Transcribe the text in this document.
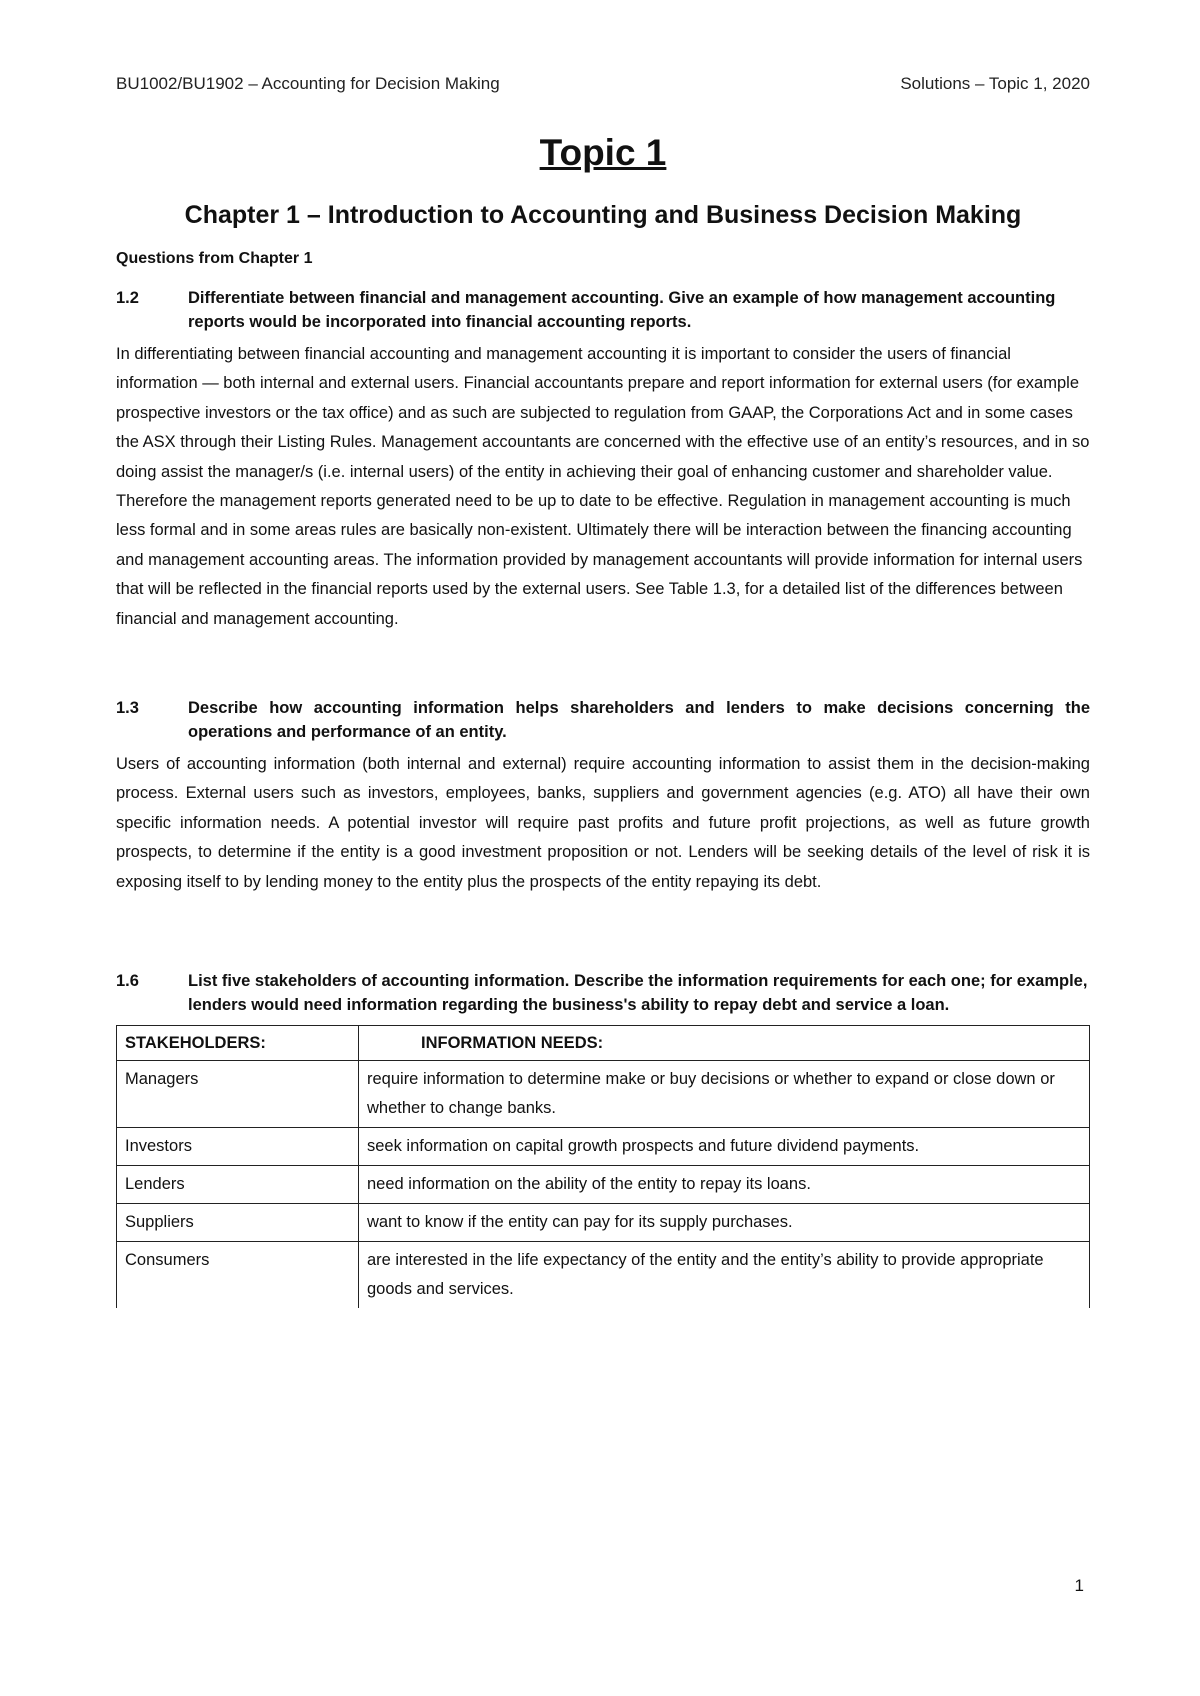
BU1002/BU1902 – Accounting for Decision Making	Solutions – Topic 1, 2020
Topic 1
Chapter 1 – Introduction to Accounting and Business Decision Making
Questions from Chapter 1
1.2	Differentiate between financial and management accounting. Give an example of how management accounting reports would be incorporated into financial accounting reports.

In differentiating between financial accounting and management accounting it is important to consider the users of financial information — both internal and external users. Financial accountants prepare and report information for external users (for example prospective investors or the tax office) and as such are subjected to regulation from GAAP, the Corporations Act and in some cases the ASX through their Listing Rules. Management accountants are concerned with the effective use of an entity’s resources, and in so doing assist the manager/s (i.e. internal users) of the entity in achieving their goal of enhancing customer and shareholder value. Therefore the management reports generated need to be up to date to be effective. Regulation in management accounting is much less formal and in some areas rules are basically non-existent. Ultimately there will be interaction between the financing accounting and management accounting areas. The information provided by management accountants will provide information for internal users that will be reflected in the financial reports used by the external users. See Table 1.3, for a detailed list of the differences between financial and management accounting.

1.3	Describe how accounting information helps shareholders and lenders to make decisions concerning the operations and performance of an entity.

Users of accounting information (both internal and external) require accounting information to assist them in the decision-making process. External users such as investors, employees, banks, suppliers and government agencies (e.g. ATO) all have their own specific information needs. A potential investor will require past profits and future profit projections, as well as future growth prospects, to determine if the entity is a good investment proposition or not. Lenders will be seeking details of the level of risk it is exposing itself to by lending money to the entity plus the prospects of the entity repaying its debt.

1.6	List five stakeholders of accounting information. Describe the information requirements for each one; for example, lenders would need information regarding the business's ability to repay debt and service a loan.
STAKEHOLDERS:	INFORMATION NEEDS:
Managers	require information to determine make or buy decisions or whether to expand or close down or whether to change banks.
Investors	seek information on capital growth prospects and future dividend payments.
Lenders	need information on the ability of the entity to repay its loans.
Suppliers	want to know if the entity can pay for its supply purchases.
Consumers	are interested in the life expectancy of the entity and the entity’s ability to provide appropriate goods and services.
1
